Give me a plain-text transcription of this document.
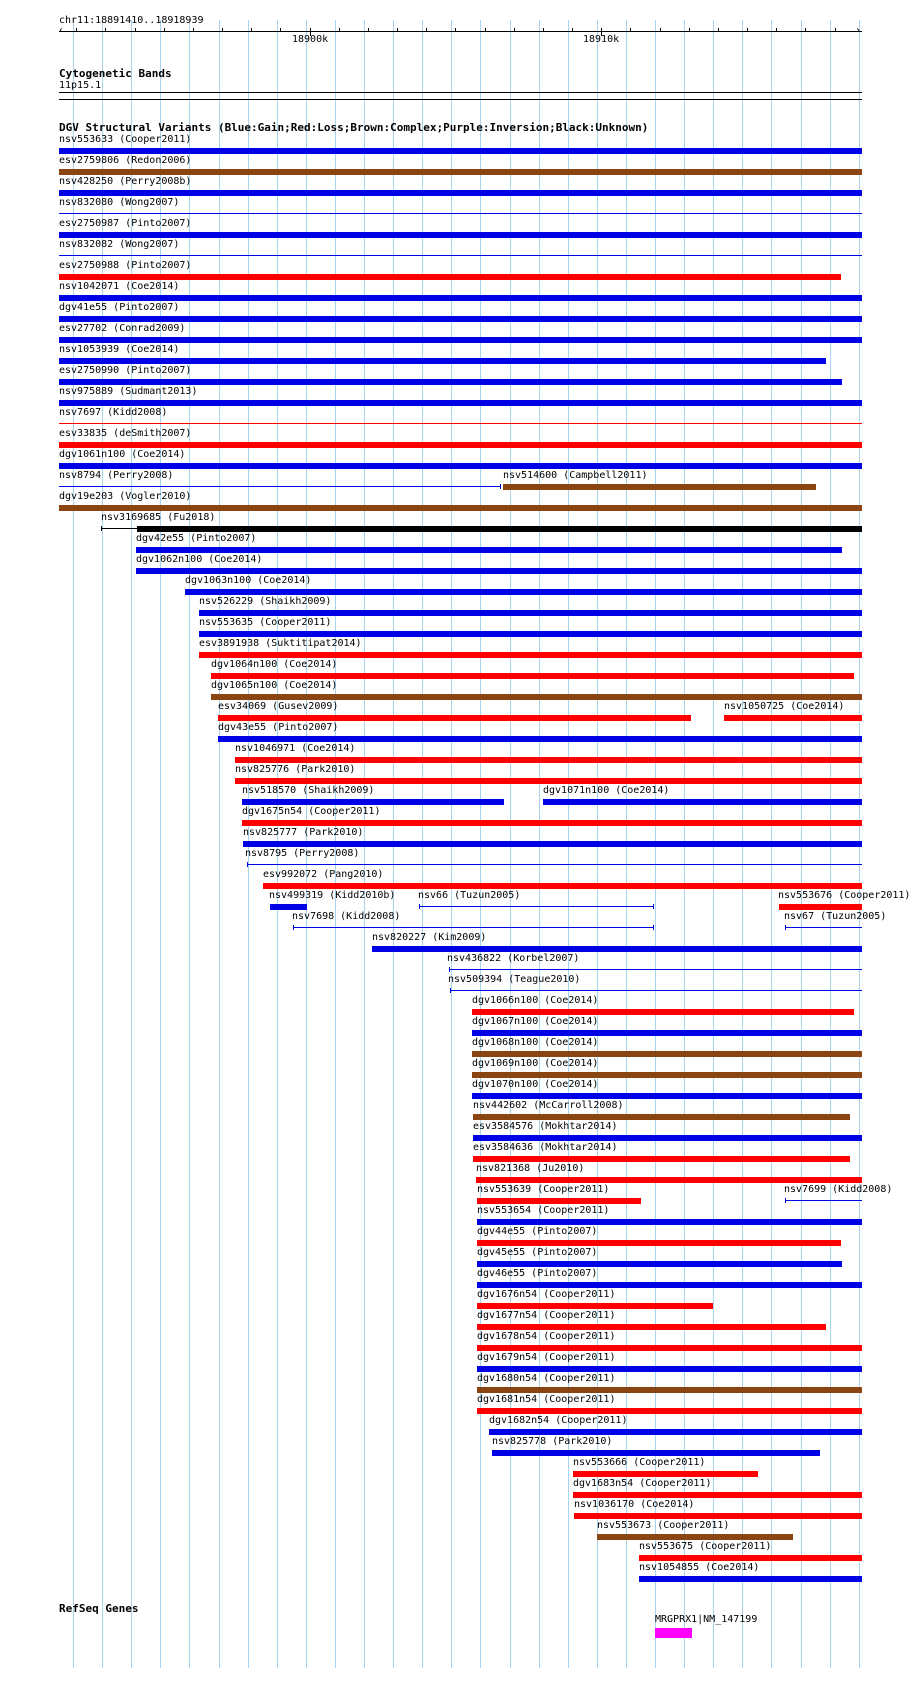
chr11:18891410..18918939
‹	›
18900k	18910k
Cytogenetic Bands
11p15.1
DGV Structural Variants (Blue:Gain;Red:Loss;Brown:Complex;Purple:Inversion;Black:Unknown)
nsv553633 (Cooper2011)
esv2759806 (Redon2006)
nsv428250 (Perry2008b)
nsv832080 (Wong2007)
esv2750987 (Pinto2007)
nsv832082 (Wong2007)
esv2750988 (Pinto2007)
nsv1042071 (Coe2014)
dgv41e55 (Pinto2007)
esv27702 (Conrad2009)
nsv1053939 (Coe2014)
esv2750990 (Pinto2007)
nsv975889 (Sudmant2013)
nsv7697 (Kidd2008)
esv33835 (deSmith2007)
dgv1061n100 (Coe2014)
nsv8794 (Perry2008)	nsv514600 (Campbell2011)
dgv19e203 (Vogler2010)
nsv3169685 (Fu2018)
dgv42e55 (Pinto2007)
dgv1062n100 (Coe2014)
dgv1063n100 (Coe2014)
nsv526229 (Shaikh2009)
nsv553635 (Cooper2011)
esv3891938 (Suktitipat2014)
dgv1064n100 (Coe2014)
dgv1065n100 (Coe2014)
esv34069 (Gusev2009)	nsv1050725 (Coe2014)
dgv43e55 (Pinto2007)
nsv1046971 (Coe2014)
nsv825776 (Park2010)
nsv518570 (Shaikh2009)	dgv1071n100 (Coe2014)
dgv1675n54 (Cooper2011)
nsv825777 (Park2010)
nsv8795 (Perry2008)
esv992072 (Pang2010)
nsv499319 (Kidd2010b) nsv66 (Tuzun2005)	nsv553676 (Cooper2011)
nsv7698 (Kidd2008)	nsv67 (Tuzun2005)
nsv820227 (Kim2009)
nsv436822 (Korbel2007)
nsv509394 (Teague2010)
dgv1066n100 (Coe2014)
dgv1067n100 (Coe2014)
dgv1068n100 (Coe2014)
dgv1069n100 (Coe2014)
dgv1070n100 (Coe2014)
nsv442602 (McCarroll2008)
esv3584576 (Mokhtar2014)
esv3584636 (Mokhtar2014)
nsv821368 (Ju2010)
nsv553639 (Cooper2011)	nsv7699 (Kidd2008)
nsv553654 (Cooper2011)
dgv44e55 (Pinto2007)
dgv45e55 (Pinto2007)
dgv46e55 (Pinto2007)
dgv1676n54 (Cooper2011)
dgv1677n54 (Cooper2011)
dgv1678n54 (Cooper2011)
dgv1679n54 (Cooper2011)
dgv1680n54 (Cooper2011)
dgv1681n54 (Cooper2011)
dgv1682n54 (Cooper2011)
nsv825778 (Park2010)
nsv553666 (Cooper2011)
dgv1683n54 (Cooper2011)
nsv1036170 (Coe2014)
nsv553673 (Cooper2011)
nsv553675 (Cooper2011)
nsv1054855 (Coe2014)
RefSeq Genes
MRGPRX1|NM_147199
